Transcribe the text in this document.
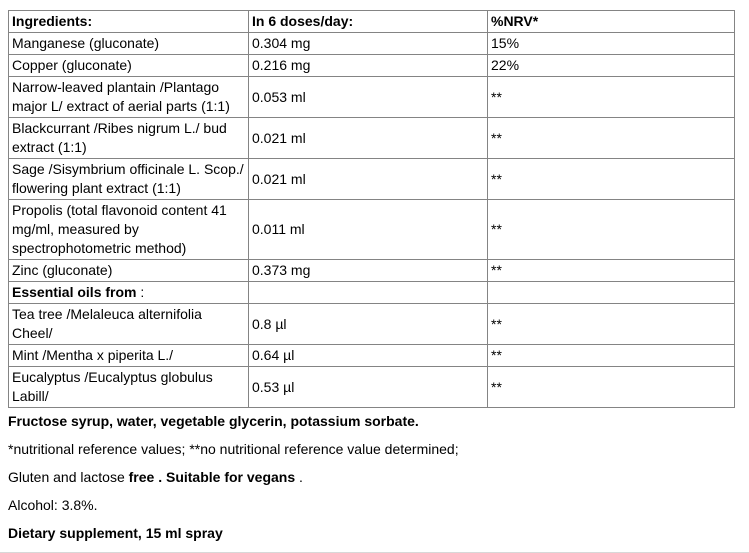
Ingredients:	In 6 doses/day:	%NRV*
Manganese (gluconate)	0.304 mg	15%
Copper (gluconate)	0.216 mg	22%
Narrow-leaved plantain /Plantago major L/ extract of aerial parts (1:1)	0.053 ml	**
Blackcurrant /Ribes nigrum L./ bud extract (1:1)	0.021 ml	**
Sage /Sisymbrium officinale L. Scop./ flowering plant extract (1:1)	0.021 ml	**
Propolis (total flavonoid content 41 mg/ml, measured by spectrophotometric method)	0.011 ml	**
Zinc (gluconate)	0.373 mg	**
Essential oils from :		
Tea tree /Melaleuca alternifolia Cheel/	0.8 µl	**
Mint /Mentha x piperita L./	0.64 µl	**
Eucalyptus /Eucalyptus globulus Labill/	0.53 µl	**

Fructose syrup, water, vegetable glycerin, potassium sorbate.

*nutritional reference values; **no nutritional reference value determined;

Gluten and lactose free . Suitable for vegans .

Alcohol: 3.8%.

Dietary supplement, 15 ml spray
